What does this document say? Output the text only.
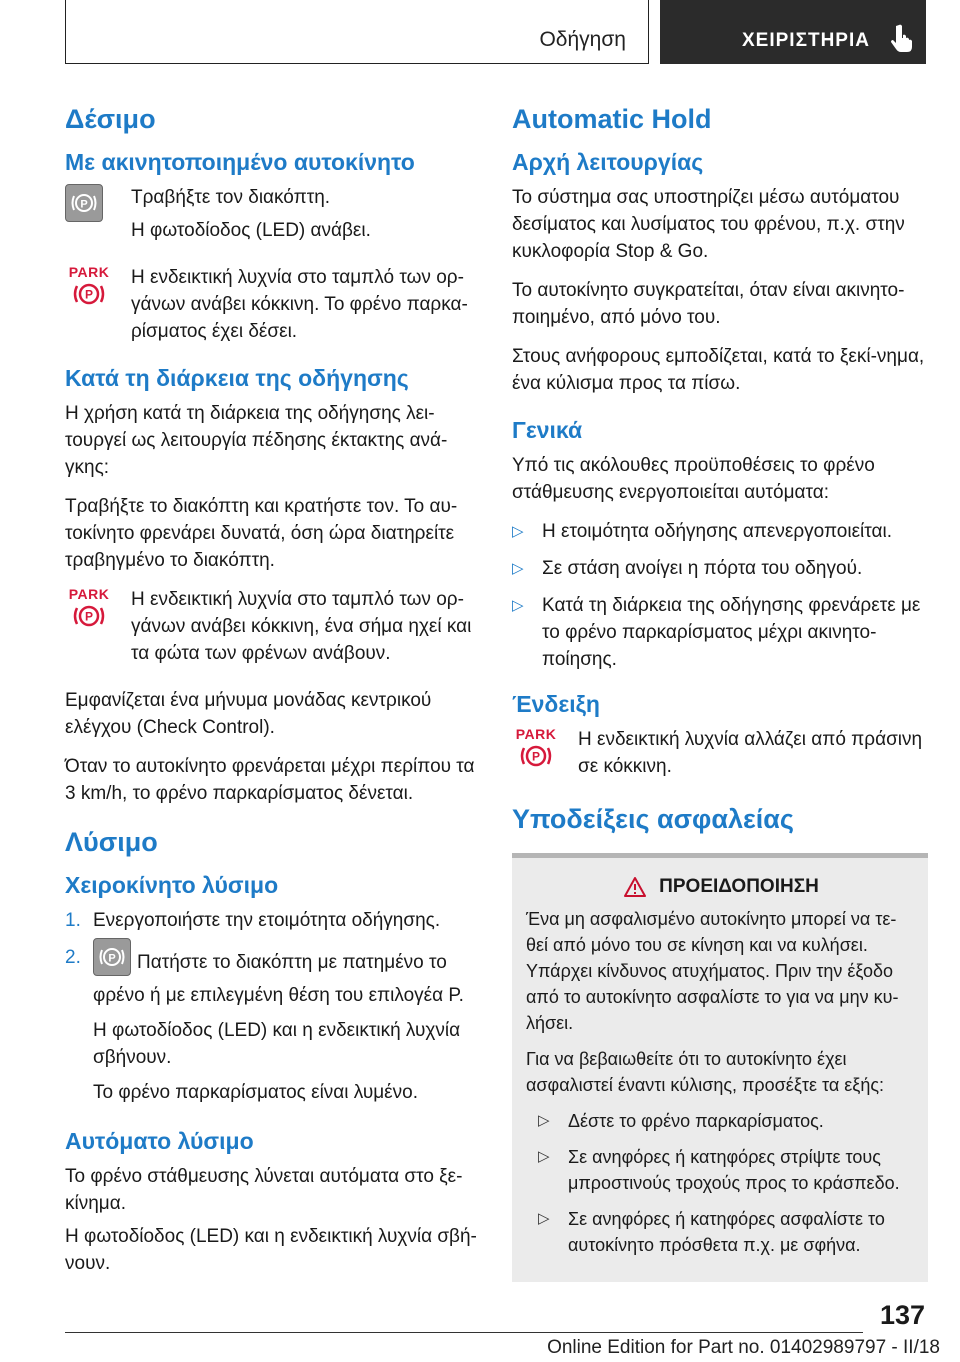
Οδήγηση	ΧΕΙΡΙΣΤΗΡΙΑ
Δέσιμο
Με ακινητοποιημένο αυτοκίνητο
P Τραβήξτε τον διακόπτη.

Η φωτοδίοδος (LED) ανάβει.

PARK
P

Η ενδεικτική λυχνία στο ταμπλό των ορ-γάνων ανάβει κόκκινη. Το φρένο παρκα-ρίσματος έχει δέσει.

Κατά τη διάρκεια της οδήγησης

Η χρήση κατά τη διάρκεια της οδήγησης λει-τουργεί ως λειτουργία πέδησης έκτακτης ανά-γκης:

Τραβήξτε το διακόπτη και κρατήστε τον. Το αυ-τοκίνητο φρενάρει δυνατά, όση ώρα διατηρείτε τραβηγμένο το διακόπτη.

PARK
P

Η ενδεικτική λυχνία στο ταμπλό των ορ-γάνων ανάβει κόκκινη, ένα σήμα ηχεί και τα φώτα των φρένων ανάβουν.

Εμφανίζεται ένα μήνυμα μονάδας κεντρικού ελέγχου (Check Control).

Όταν το αυτοκίνητο φρενάρεται μέχρι περίπου τα 3 km/h, το φρένο παρκαρίσματος δένεται.

Λύσιμο
Χειροκίνητο λύσιμο
1. Ενεργοποιήστε την ετοιμότητα οδήγησης.
2.	P Πατήστε το διακόπτη με πατημένο το φρένο ή με επιλεγμένη θέση του επιλογέα P.

Η φωτοδίοδος (LED) και η ενδεικτική λυχνία σβήνουν.

Το φρένο παρκαρίσματος είναι λυμένο.

Αυτόματο λύσιμο

Το φρένο στάθμευσης λύνεται αυτόματα στο ξε-κίνημα.

Η φωτοδίοδος (LED) και η ενδεικτική λυχνία σβή-νουν.

Automatic Hold
Αρχή λειτουργίας

Το σύστημα σας υποστηρίζει μέσω αυτόματου δεσίματος και λυσίματος του φρένου, π.χ. στην κυκλοφορία Stop & Go.

Το αυτοκίνητο συγκρατείται, όταν είναι ακινητο-ποιημένο, από μόνο του.

Στους ανήφορους εμποδίζεται, κατά το ξεκί-νημα, ένα κύλισμα προς τα πίσω.

Γενικά

Υπό τις ακόλουθες προϋποθέσεις το φρένο στάθμευσης ενεργοποιείται αυτόματα:

▷ Η ετοιμότητα οδήγησης απενεργοποιείται.
▷ Σε στάση ανοίγει η πόρτα του οδηγού.
▷ Κατά τη διάρκεια της οδήγησης φρενάρετε με το φρένο παρκαρίσματος μέχρι ακινητο-ποίησης.
Ένδειξη
PARK
P

Η ενδεικτική λυχνία αλλάζει από πράσινη σε κόκκινη.

Υποδείξεις ασφαλείας
ΠΡΟΕΙΔΟΠΟΙΗΣΗ

Ένα μη ασφαλισμένο αυτοκίνητο μπορεί να τε-θεί από μόνο του σε κίνηση και να κυλήσει. Υπάρχει κίνδυνος ατυχήματος. Πριν την έξοδο από το αυτοκίνητο ασφαλίστε το για να μην κυ-λήσει.

Για να βεβαιωθείτε ότι το αυτοκίνητο έχει ασφαλιστεί έναντι κύλισης, προσέξτε τα εξής:

▷	Δέστε το φρένο παρκαρίσματος.
▷	Σε ανηφόρες ή κατηφόρες στρίψτε τους μπροστινούς τροχούς προς το κράσπεδο.
▷	Σε ανηφόρες ή κατηφόρες ασφαλίστε το αυτοκίνητο πρόσθετα π.χ. με σφήνα.
137
Online Edition for Part no. 01402989797 - II/18
